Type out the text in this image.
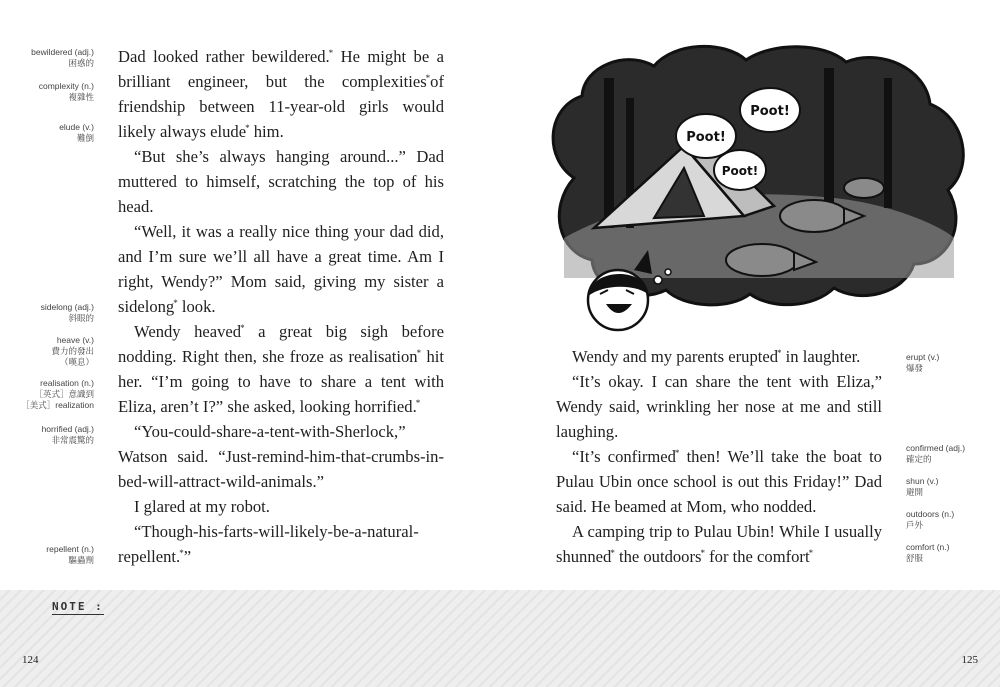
bewildered (adj.)
困惑的
complexity (n.)
複雜性
elude (v.)
難倒
sidelong (adj.)
斜眼的
heave (v.)
費力的發出
（嘆息）
realisation (n.)
［英式］意識到
［美式］realization
horrified (adj.)
非常震驚的
repellent (n.)
驅蟲劑

Dad looked rather bewildered.* He might be a brilliant engineer, but the complexities*of friendship between 11-year-old girls would likely always elude* him.

“But she’s always hanging around...” Dad muttered to himself, scratching the top of his head.

“Well, it was a really nice thing your dad did, and I’m sure we’ll all have a great time. Am I right, Wendy?” Mom said, giving my sister a sidelong* look.

Wendy heaved* a great big sigh before nodding. Right then, she froze as realisation* hit her. “I’m going to have to share a tent with Eliza, aren’t I?” she asked, looking horrified.*

“You-could-share-a-tent-with-Sherlock,” Watson said. “Just-remind-him-that-crumbs-in-bed-will-attract-wild-animals.”

I glared at my robot.

“Though-his-farts-will-likely-be-a-natural-repellent.*”

Poot!
Poot!
Poot!
erupt (v.)
爆發
confirmed (adj.)
確定的
shun (v.)
避開
outdoors (n.)
戶外
comfort (n.)
舒服

Wendy and my parents erupted* in laughter.

“It’s okay. I can share the tent with Eliza,” Wendy said, wrinkling her nose at me and still laughing.

“It’s confirmed* then! We’ll take the boat to Pulau Ubin once school is out this Friday!” Dad said. He beamed at Mom, who nodded.

A camping trip to Pulau Ubin! While I usually shunned* the outdoors* for the comfort*

NOTE :
124	125
